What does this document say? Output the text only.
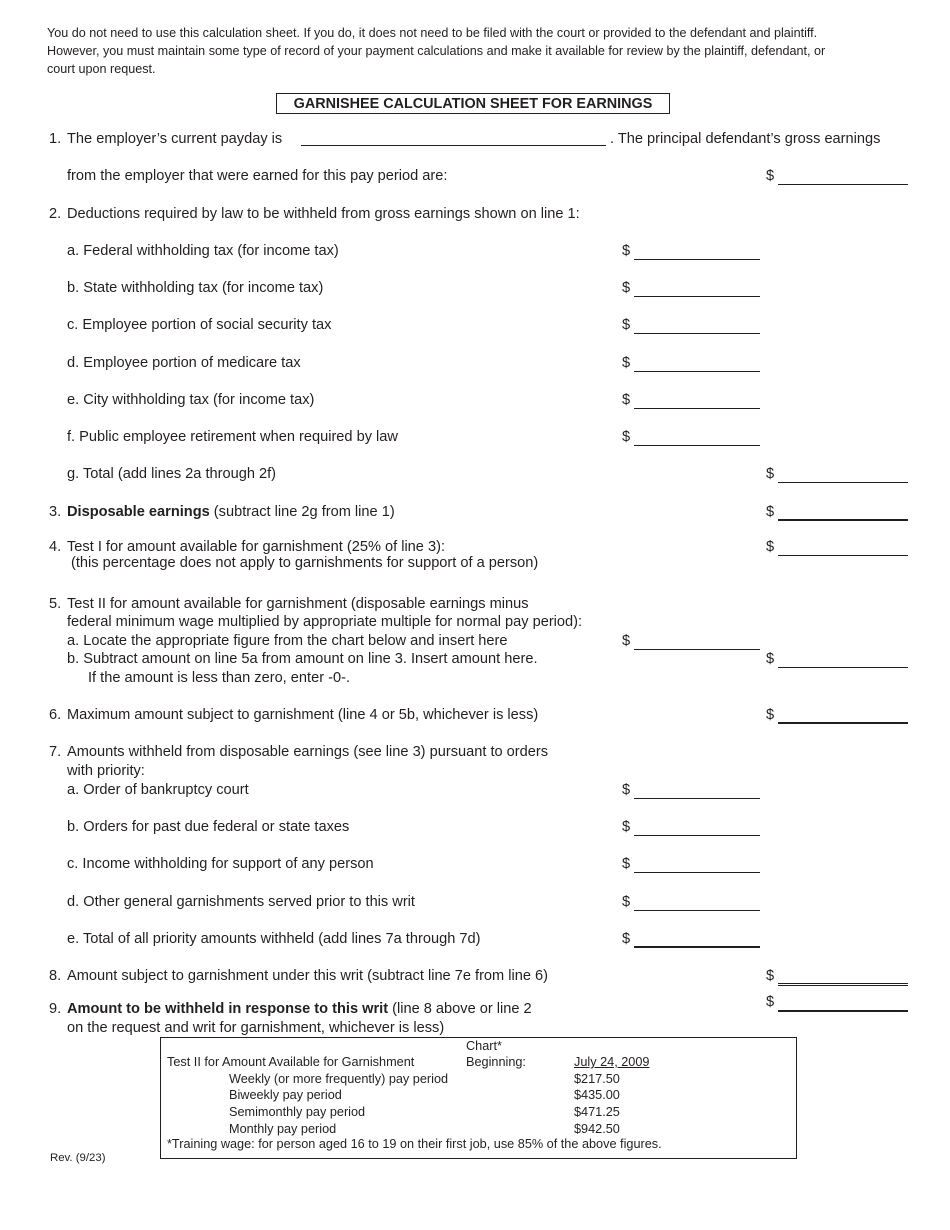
You do not need to use this calculation sheet. If you do, it does not need to be filed with the court or provided to the defendant and plaintiff.
However, you must maintain some type of record of your payment calculations and make it available for review by the plaintiff, defendant, or
court upon request.
GARNISHEE CALCULATION SHEET FOR EARNINGS
1. The employer’s current payday is	. The principal defendant’s gross earnings
from the employer that were earned for this pay period are:	$
2. Deductions required by law to be withheld from gross earnings shown on line 1:
a. Federal withholding tax (for income tax)	$
b. State withholding tax (for income tax)	$
c. Employee portion of social security tax	$
d. Employee portion of medicare tax	$
e. City withholding tax (for income tax)	$
f. Public employee retirement when required by law	$
g. Total (add lines 2a through 2f)	$
3. Disposable earnings (subtract line 2g from line 1)	$
4. Test I for amount available for garnishment (25% of line 3):
(this percentage does not apply to garnishments for support of a person)
$
5. Test II for amount available for garnishment (disposable earnings minus
federal minimum wage multiplied by appropriate multiple for normal pay period):
a. Locate the appropriate figure from the chart below and insert here	$
b. Subtract amount on line 5a from amount on line 3. Insert amount here.	$
If the amount is less than zero, enter -0-.
6. Maximum amount subject to garnishment (line 4 or 5b, whichever is less)	$
7. Amounts withheld from disposable earnings (see line 3) pursuant to orders
with priority:
a. Order of bankruptcy court	$
b. Orders for past due federal or state taxes	$
c. Income withholding for support of any person	$
d. Other general garnishments served prior to this writ	$
e. Total of all priority amounts withheld (add lines 7a through 7d)	$
8. Amount subject to garnishment under this writ (subtract line 7e from line 6)	$
9. Amount to be withheld in response to this writ (line 8 above or line 2
on the request and writ for garnishment, whichever is less)
$
Chart*
Test II for Amount Available for Garnishment	Beginning:	July 24, 2009
Weekly (or more frequently) pay period	$217.50
Biweekly pay period	$435.00
Semimonthly pay period	$471.25
Monthly pay period	$942.50
*Training wage: for person aged 16 to 19 on their first job, use 85% of the above figures.
Rev. (9/23)
